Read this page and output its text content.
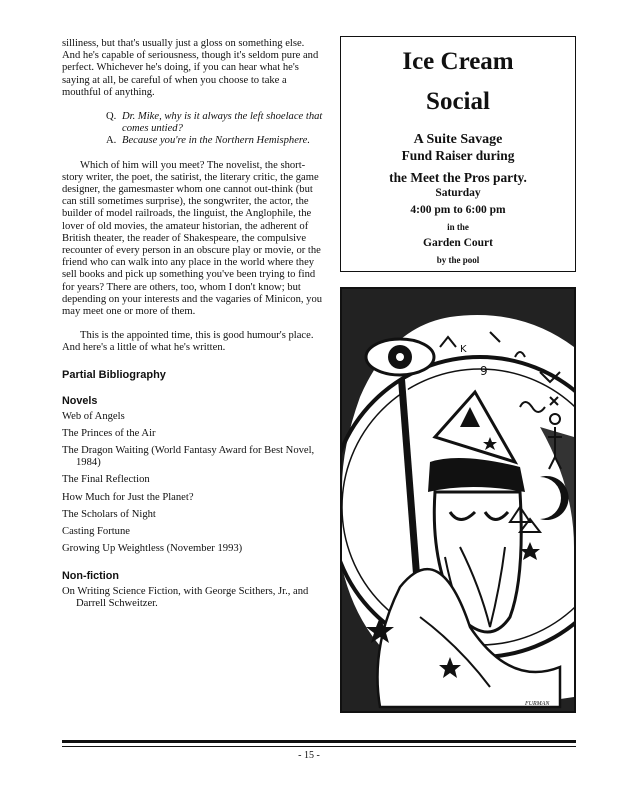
silliness, but that's usually just a gloss on something else. And he's capable of seriousness, though it's seldom pure and perfect. Whichever he's doing, if you can hear what he's saying at all, be careful of when you choose to take a mouthful of anything.

Q. Dr. Mike, why is it always the left shoelace that comes untied?
A. Because you're in the Northern Hemisphere.

Which of him will you meet? The novelist, the short-story writer, the poet, the satirist, the literary critic, the game designer, the gamesmaster whom one cannot out-think (but can still sometimes surprise), the songwriter, the actor, the builder of model railroads, the linguist, the Anglophile, the lover of old movies, the amateur historian, the adherent of British theater, the reader of Shakespeare, the compulsive recounter of every person in an obscure play or movie, or the friend who can walk into any place in the world where they sell books and pick up something you've been trying to find for years? There are others, too, whom I don't know; but depending on your interests and the vagaries of Minicon, you may meet one or more of them.

This is the appointed time, this is good humour's place. And here's a little of what he's written.

Partial Bibliography
Novels

Web of Angels

The Princes of the Air

The Dragon Waiting (World Fantasy Award for Best Novel, 1984)

The Final Reflection

How Much for Just the Planet?

The Scholars of Night

Casting Fortune

Growing Up Weightless (November 1993)

Non-fiction

On Writing Science Fiction, with George Scithers, Jr., and Darrell Schweitzer.

Ice Cream
Social
A Suite Savage
Fund Raiser during
the Meet the Pros party.
Saturday
4:00 pm to 6:00 pm
in the
Garden Court
by the pool
9
K
FURMAN
- 15 -
